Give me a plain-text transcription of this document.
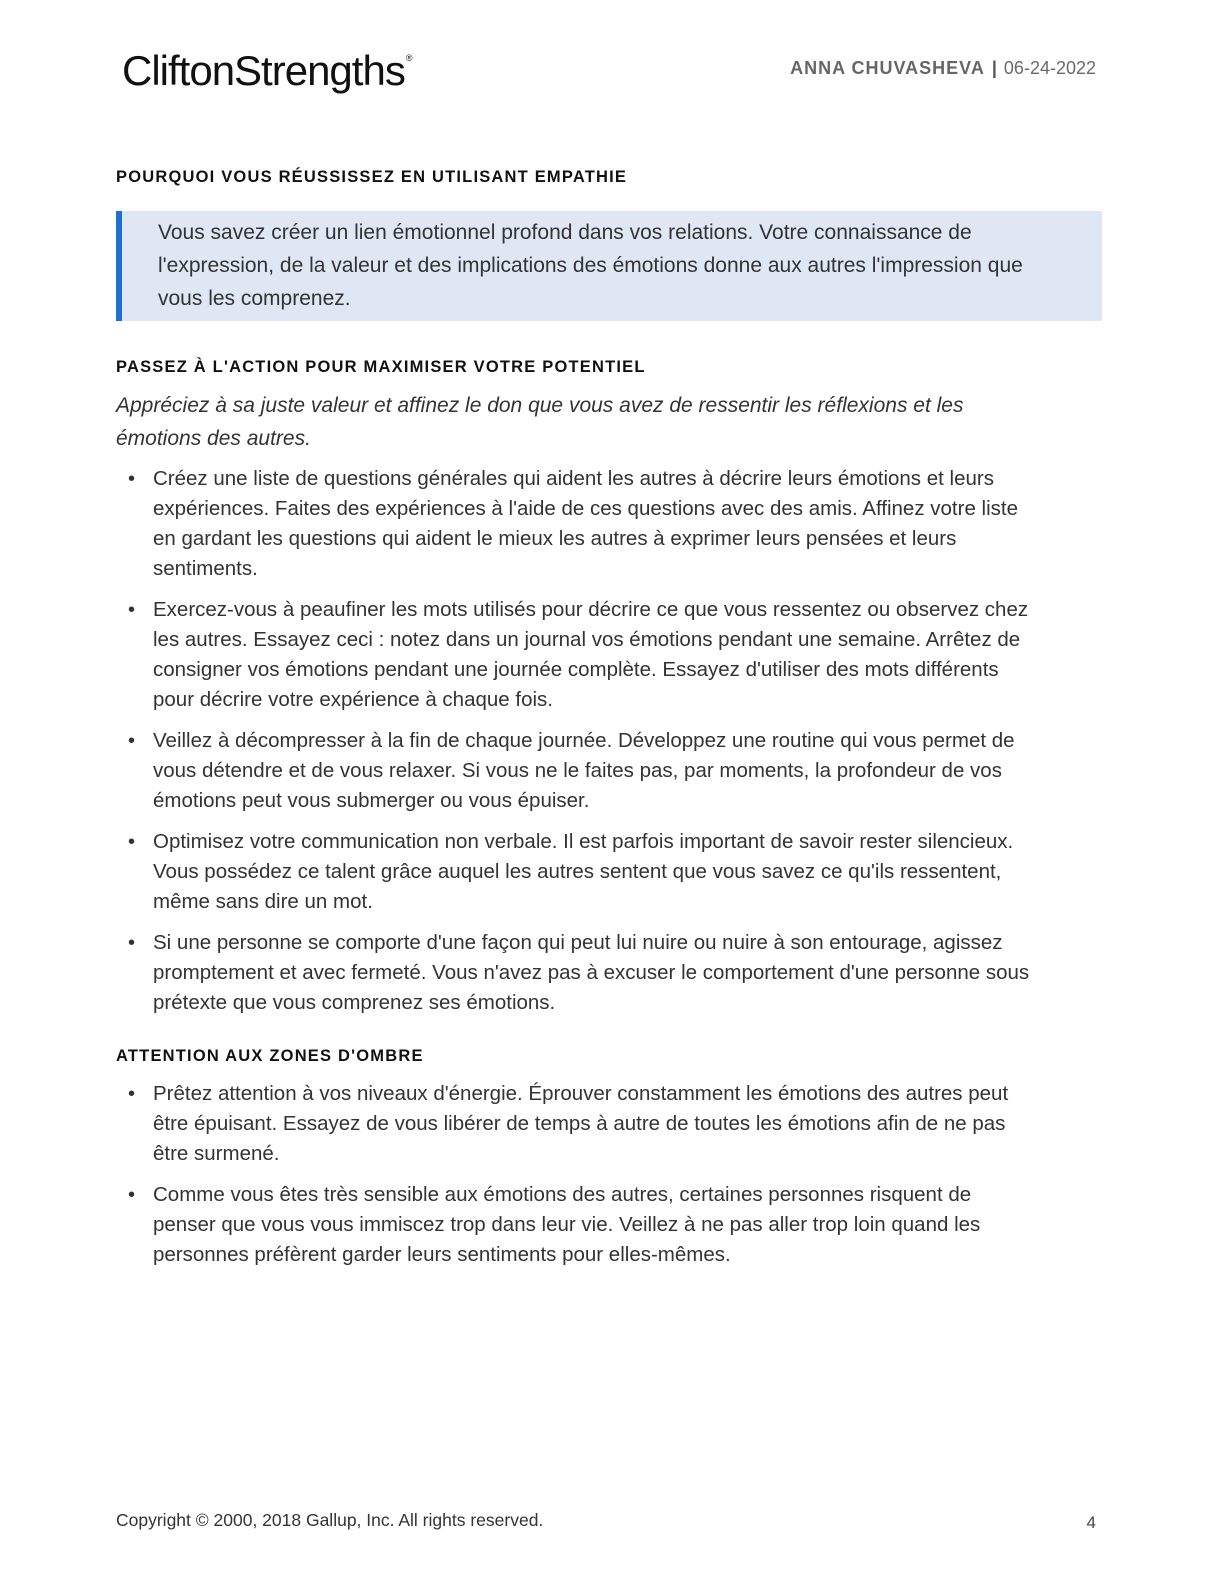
CliftonStrengths®	ANNA CHUVASHEVA | 06-24-2022
POURQUOI VOUS RÉUSSISSEZ EN UTILISANT EMPATHIE
Vous savez créer un lien émotionnel profond dans vos relations. Votre connaissance de l'expression, de la valeur et des implications des émotions donne aux autres l'impression que vous les comprenez.
PASSEZ À L'ACTION POUR MAXIMISER VOTRE POTENTIEL
Appréciez à sa juste valeur et affinez le don que vous avez de ressentir les réflexions et les émotions des autres.
• Créez une liste de questions générales qui aident les autres à décrire leurs émotions et leurs expériences. Faites des expériences à l'aide de ces questions avec des amis. Affinez votre liste en gardant les questions qui aident le mieux les autres à exprimer leurs pensées et leurs sentiments.
• Exercez-vous à peaufiner les mots utilisés pour décrire ce que vous ressentez ou observez chez les autres. Essayez ceci : notez dans un journal vos émotions pendant une semaine. Arrêtez de consigner vos émotions pendant une journée complète. Essayez d'utiliser des mots différents pour décrire votre expérience à chaque fois.
• Veillez à décompresser à la fin de chaque journée. Développez une routine qui vous permet de vous détendre et de vous relaxer. Si vous ne le faites pas, par moments, la profondeur de vos émotions peut vous submerger ou vous épuiser.
• Optimisez votre communication non verbale. Il est parfois important de savoir rester silencieux. Vous possédez ce talent grâce auquel les autres sentent que vous savez ce qu'ils ressentent, même sans dire un mot.
• Si une personne se comporte d'une façon qui peut lui nuire ou nuire à son entourage, agissez promptement et avec fermeté. Vous n'avez pas à excuser le comportement d'une personne sous prétexte que vous comprenez ses émotions.
ATTENTION AUX ZONES D'OMBRE
• Prêtez attention à vos niveaux d'énergie. Éprouver constamment les émotions des autres peut être épuisant. Essayez de vous libérer de temps à autre de toutes les émotions afin de ne pas être surmené.
• Comme vous êtes très sensible aux émotions des autres, certaines personnes risquent de penser que vous vous immiscez trop dans leur vie. Veillez à ne pas aller trop loin quand les personnes préfèrent garder leurs sentiments pour elles-mêmes.
Copyright © 2000, 2018 Gallup, Inc. All rights reserved.	4
